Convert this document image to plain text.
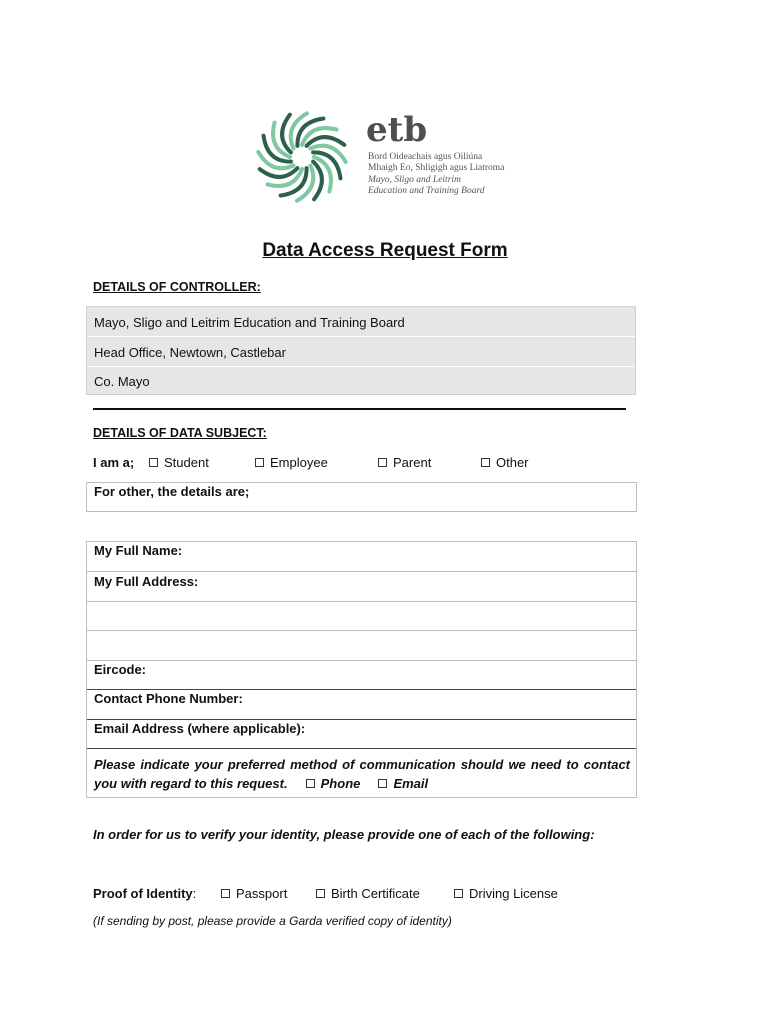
etb
Bord Oideachais agus Oiliúna
Mhaigh Eo, Shligigh agus Liatroma
Mayo, Sligo and Leitrim
Education and Training Board
Data Access Request Form
DETAILS OF CONTROLLER:
Mayo, Sligo and Leitrim Education and Training Board
Head Office, Newtown, Castlebar
Co. Mayo
DETAILS OF DATA SUBJECT:
I am a;	Student	Employee	Parent	Other
For other, the details are;
My Full Name:
My Full Address:
Eircode:
Contact Phone Number:
Email Address (where applicable):
Please indicate your preferred method of communication should we need to contact you with regard to this request.	Phone	Email
In order for us to verify your identity, please provide one of each of the following:
Proof of Identity:	Passport	Birth Certificate	Driving License
(If sending by post, please provide a Garda verified copy of identity)
